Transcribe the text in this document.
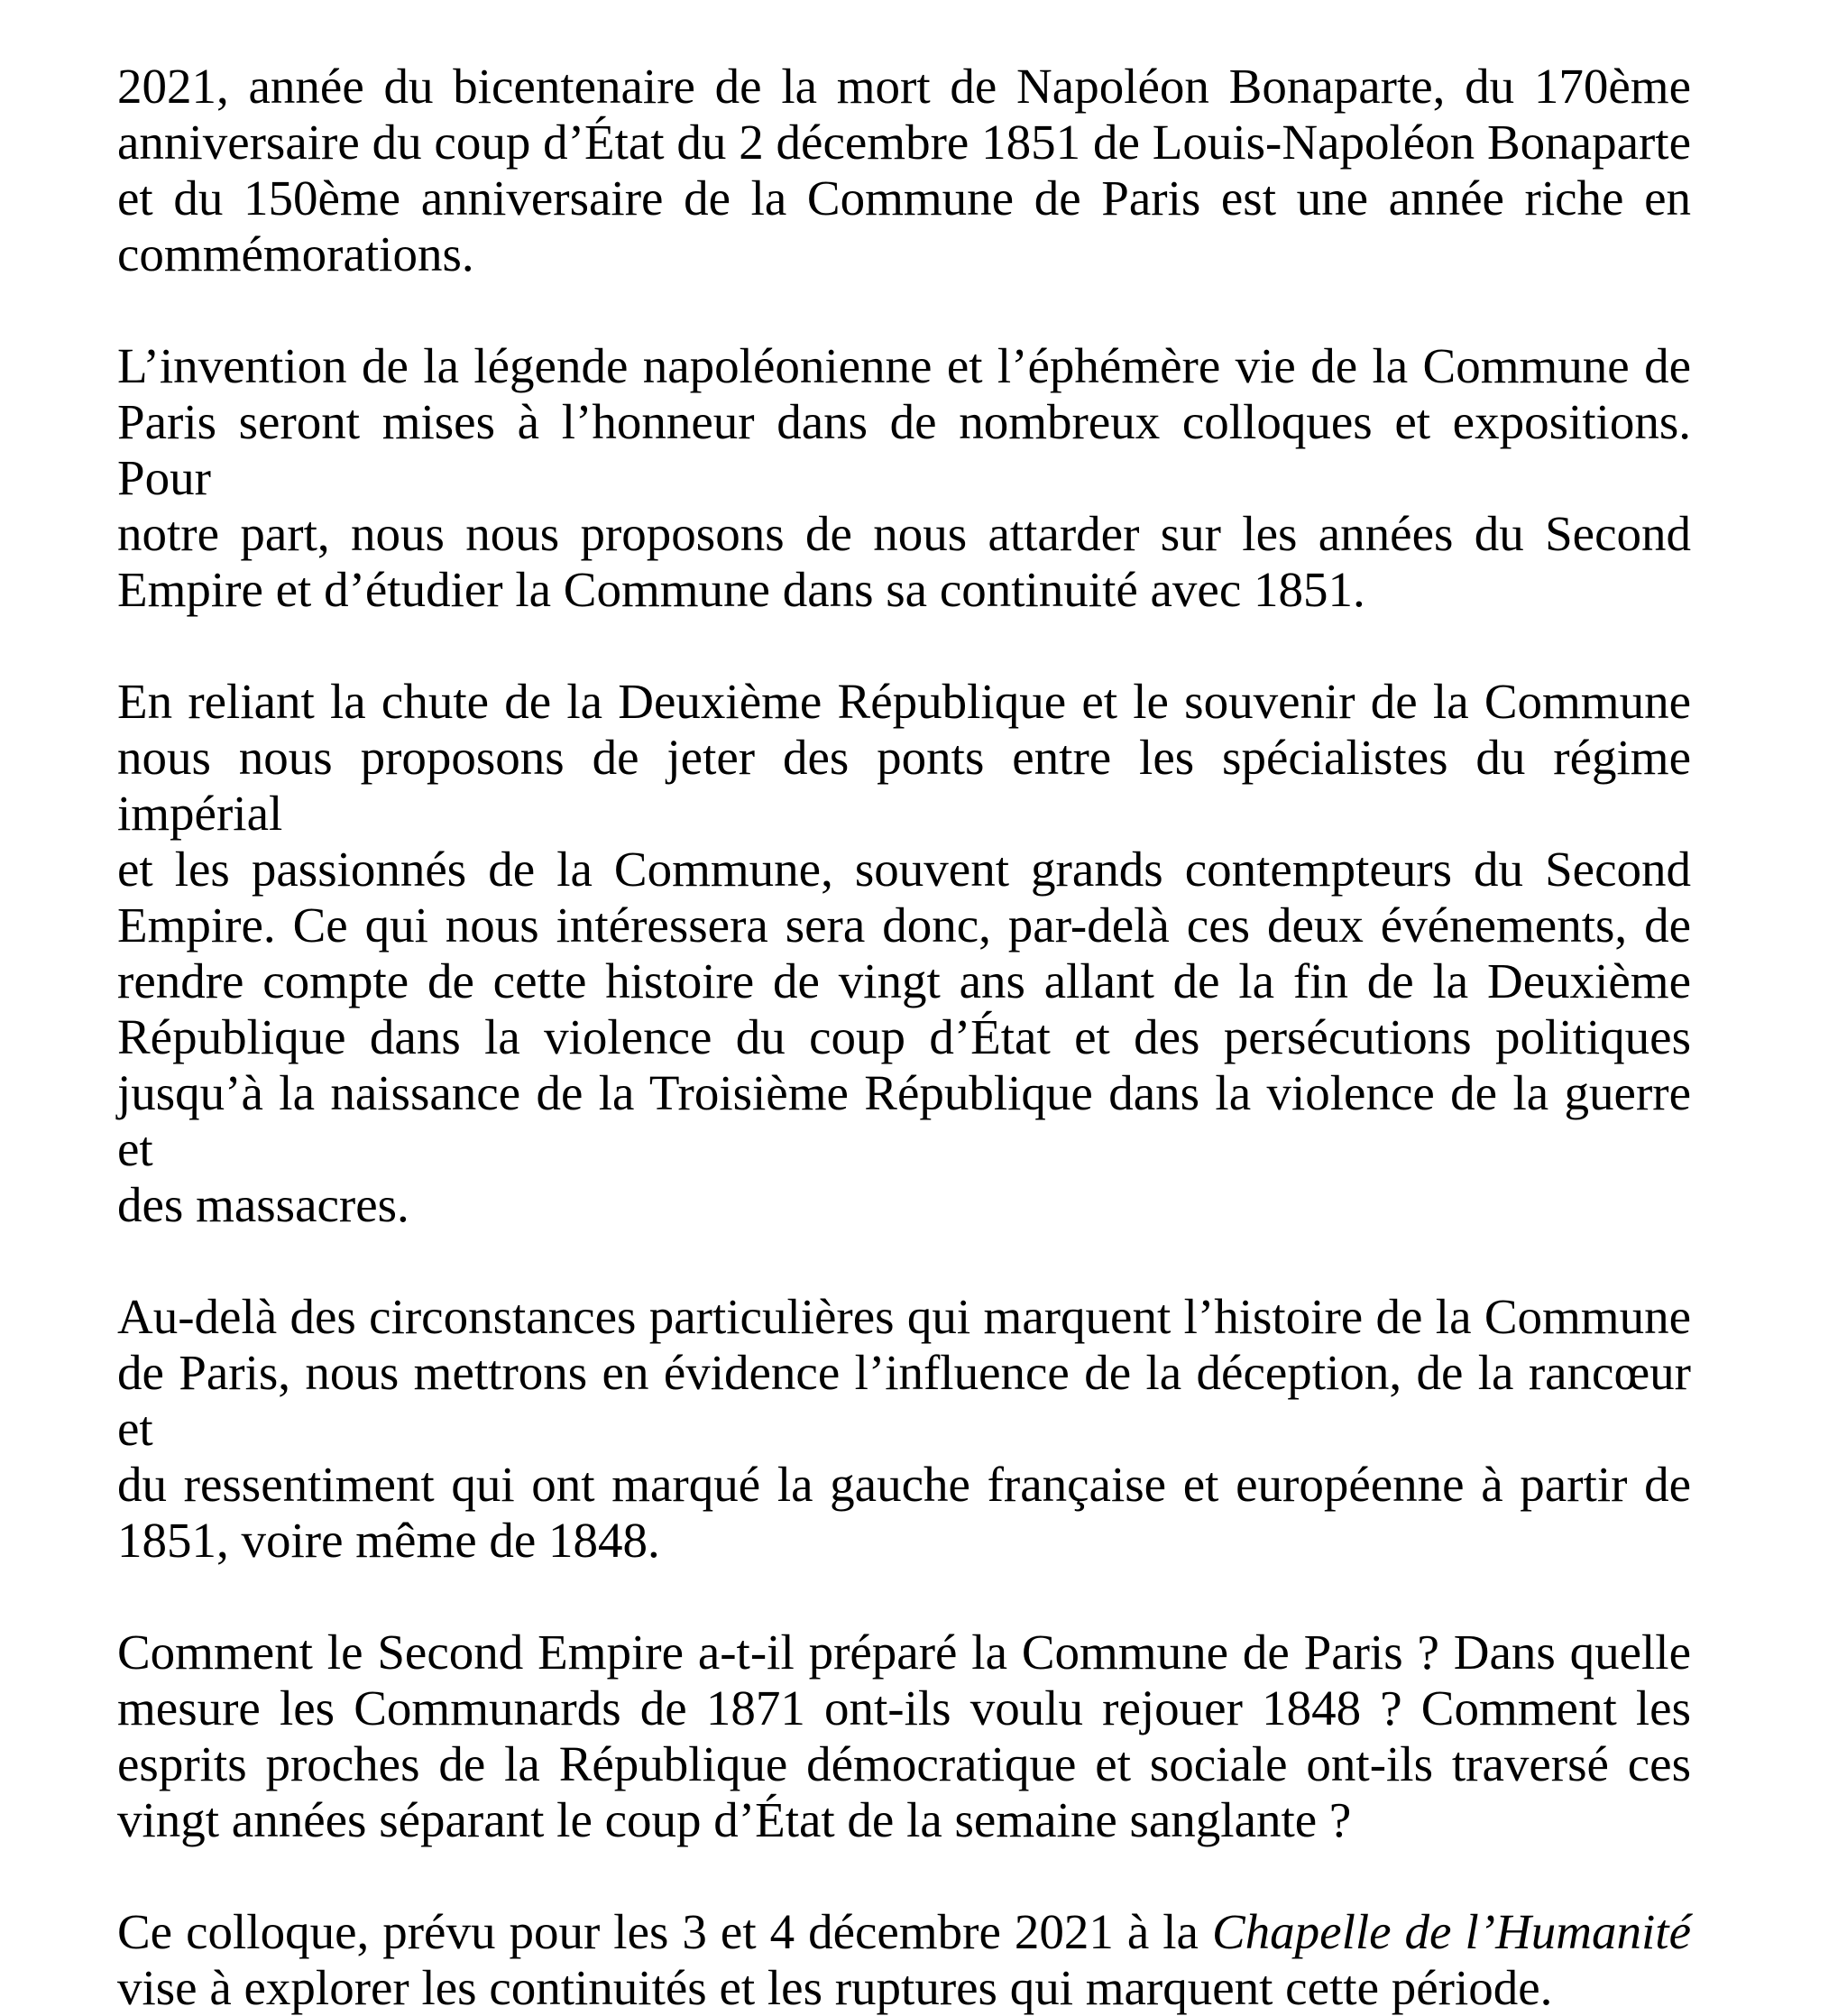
2021, année du bicentenaire de la mort de Napoléon Bonaparte, du 170ème
anniversaire du coup d’État du 2 décembre 1851 de Louis-Napoléon Bonaparte
et du 150ème anniversaire de la Commune de Paris est une année riche en
commémorations.
L’invention de la légende napoléonienne et l’éphémère vie de la Commune de
Paris seront mises à l’honneur dans de nombreux colloques et expositions. Pour
notre part, nous nous proposons de nous attarder sur les années du Second
Empire et d’étudier la Commune dans sa continuité avec 1851.
En reliant la chute de la Deuxième République et le souvenir de la Commune
nous nous proposons de jeter des ponts entre les spécialistes du régime impérial
et les passionnés de la Commune, souvent grands contempteurs du Second
Empire. Ce qui nous intéressera sera donc, par-delà ces deux événements, de
rendre compte de cette histoire de vingt ans allant de la fin de la Deuxième
République dans la violence du coup d’État et des persécutions politiques
jusqu’à la naissance de la Troisième République dans la violence de la guerre et
des massacres.
Au-delà des circonstances particulières qui marquent l’histoire de la Commune
de Paris, nous mettrons en évidence l’influence de la déception, de la rancœur et
du ressentiment qui ont marqué la gauche française et européenne à partir de
1851, voire même de 1848.
Comment le Second Empire a-t-il préparé la Commune de Paris ? Dans quelle
mesure les Communards de 1871 ont-ils voulu rejouer 1848 ? Comment les
esprits proches de la République démocratique et sociale ont-ils traversé ces
vingt années séparant le coup d’État de la semaine sanglante ?
Ce colloque, prévu pour les 3 et 4 décembre 2021 à la Chapelle de l’Humanité
vise à explorer les continuités et les ruptures qui marquent cette période.
